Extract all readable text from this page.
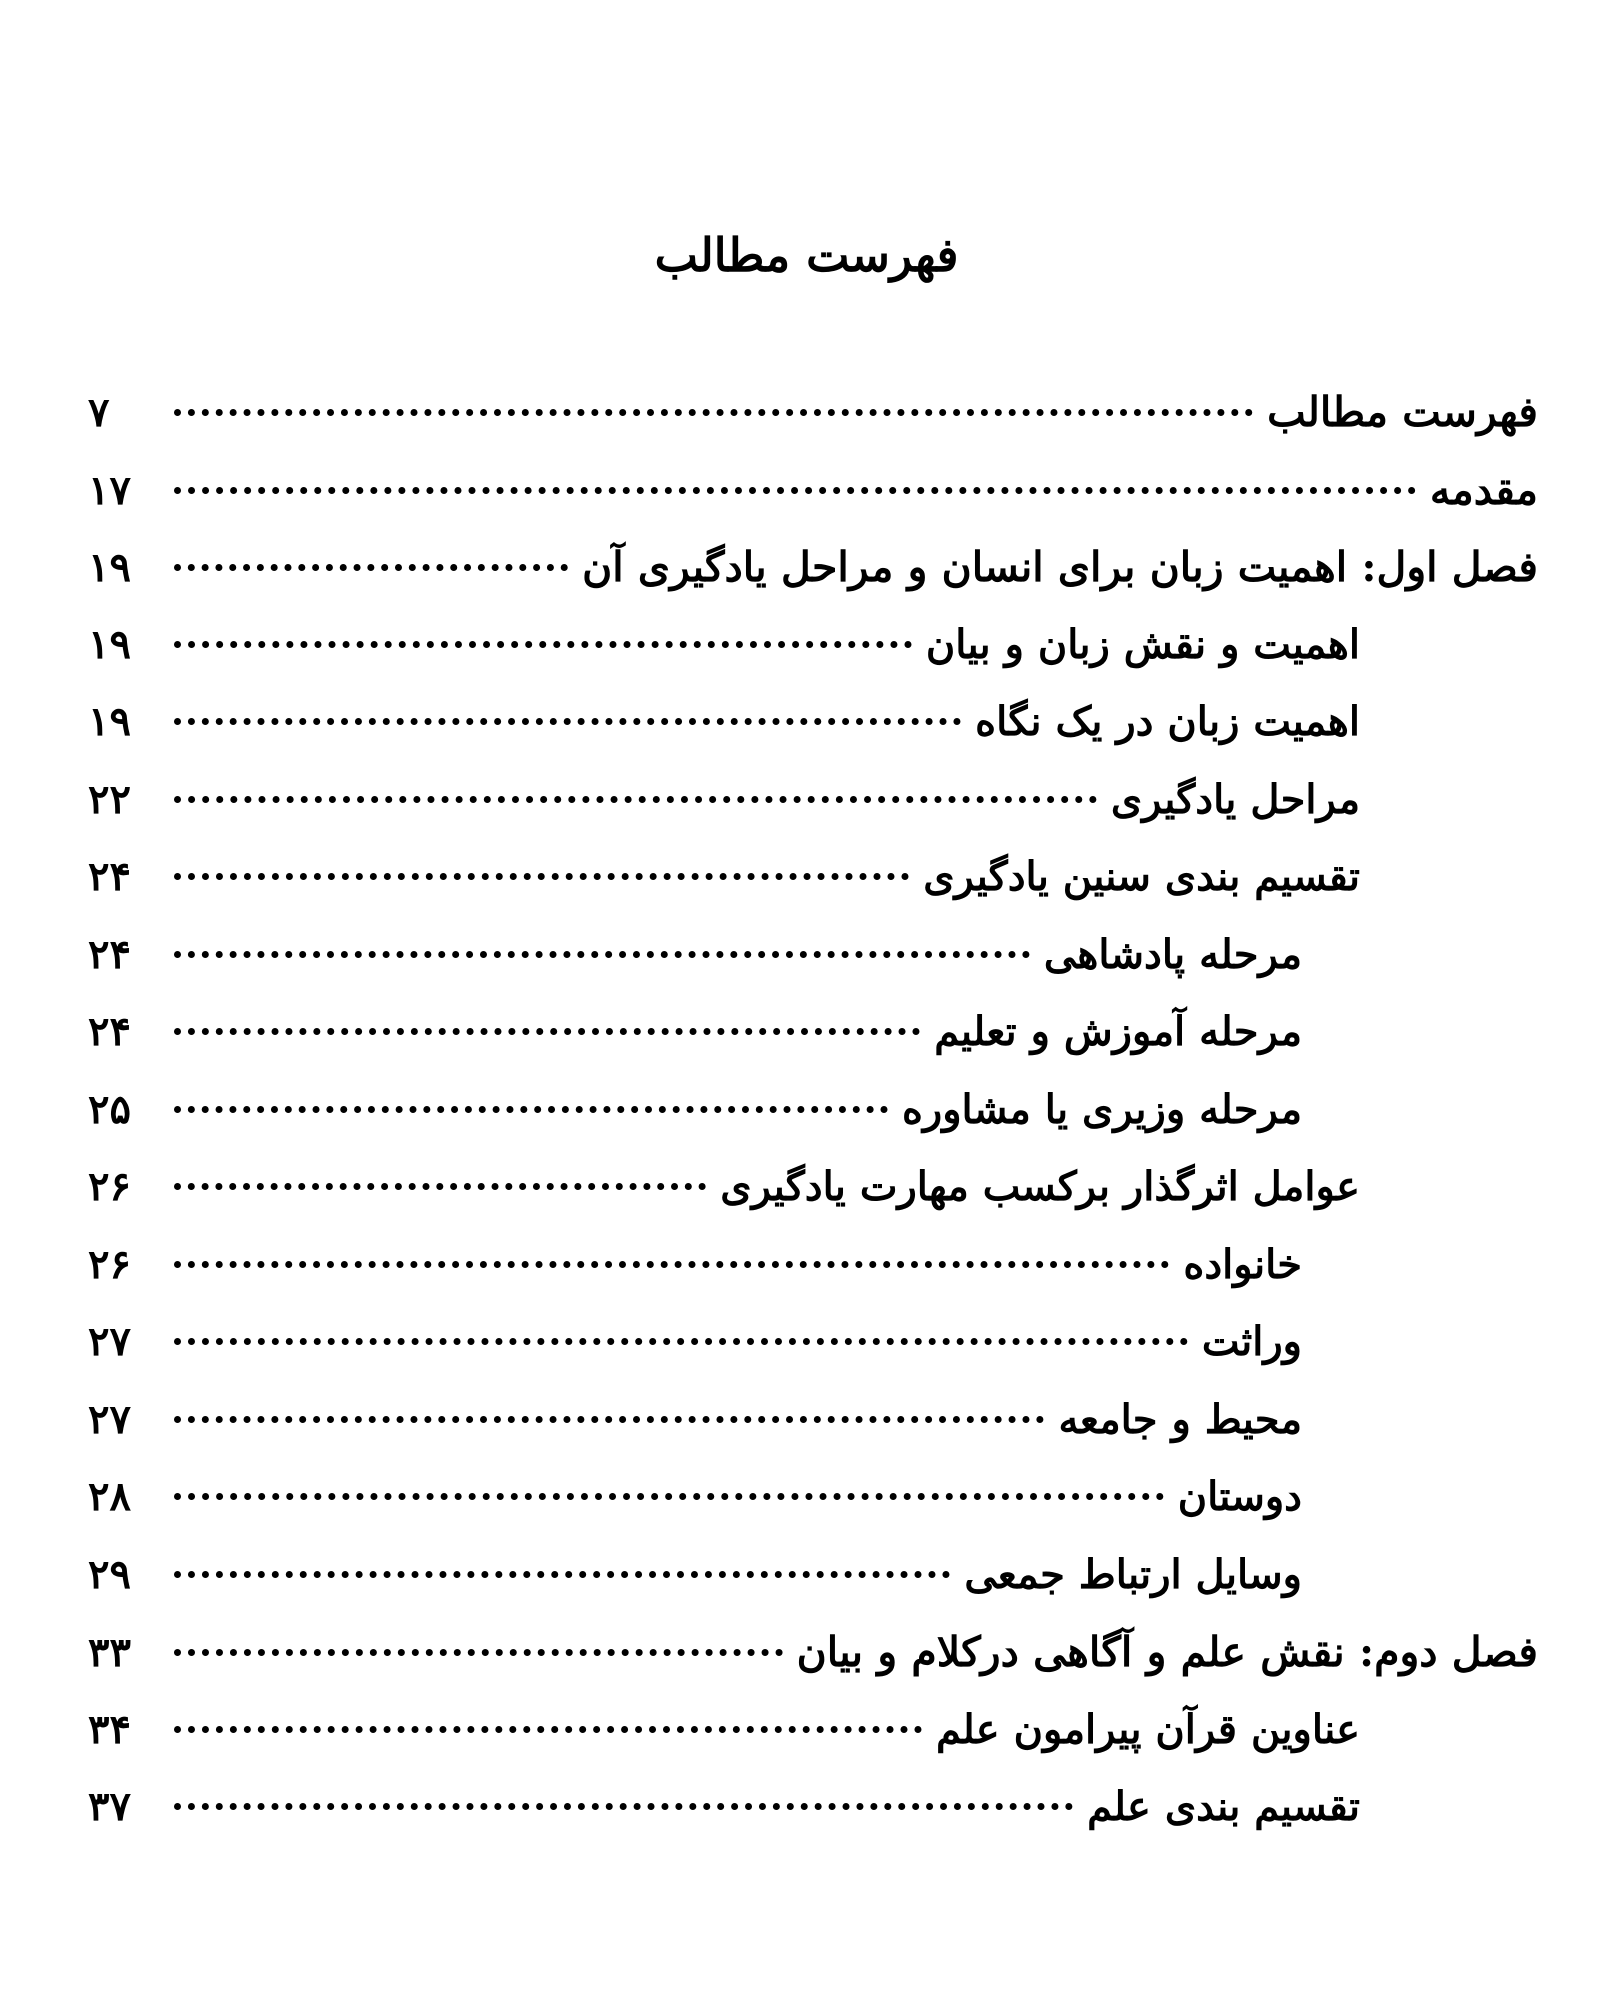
فهرست مطالب
فهرست مطالب
۷
مقدمه
۱۷
فصل اول: اهمیت زبان برای انسان و مراحل یادگیری آن
۱۹
اهمیت و نقش زبان و بیان
۱۹
اهمیت زبان در یک نگاه
۱۹
مراحل یادگیری
۲۲
تقسیم بندی سنین یادگیری
۲۴
مرحله پادشاهی
۲۴
مرحله آموزش و تعلیم
۲۴
مرحله وزیری یا مشاوره
۲۵
عوامل اثرگذار برکسب مهارت یادگیری
۲۶
خانواده
۲۶
وراثت
۲۷
محیط و جامعه
۲۷
دوستان
۲۸
وسایل ارتباط جمعی
۲۹
فصل دوم: نقش علم و آگاهی درکلام و بیان
۳۳
عناوین قرآن پیرامون علم
۳۴
تقسیم بندی علم
۳۷
